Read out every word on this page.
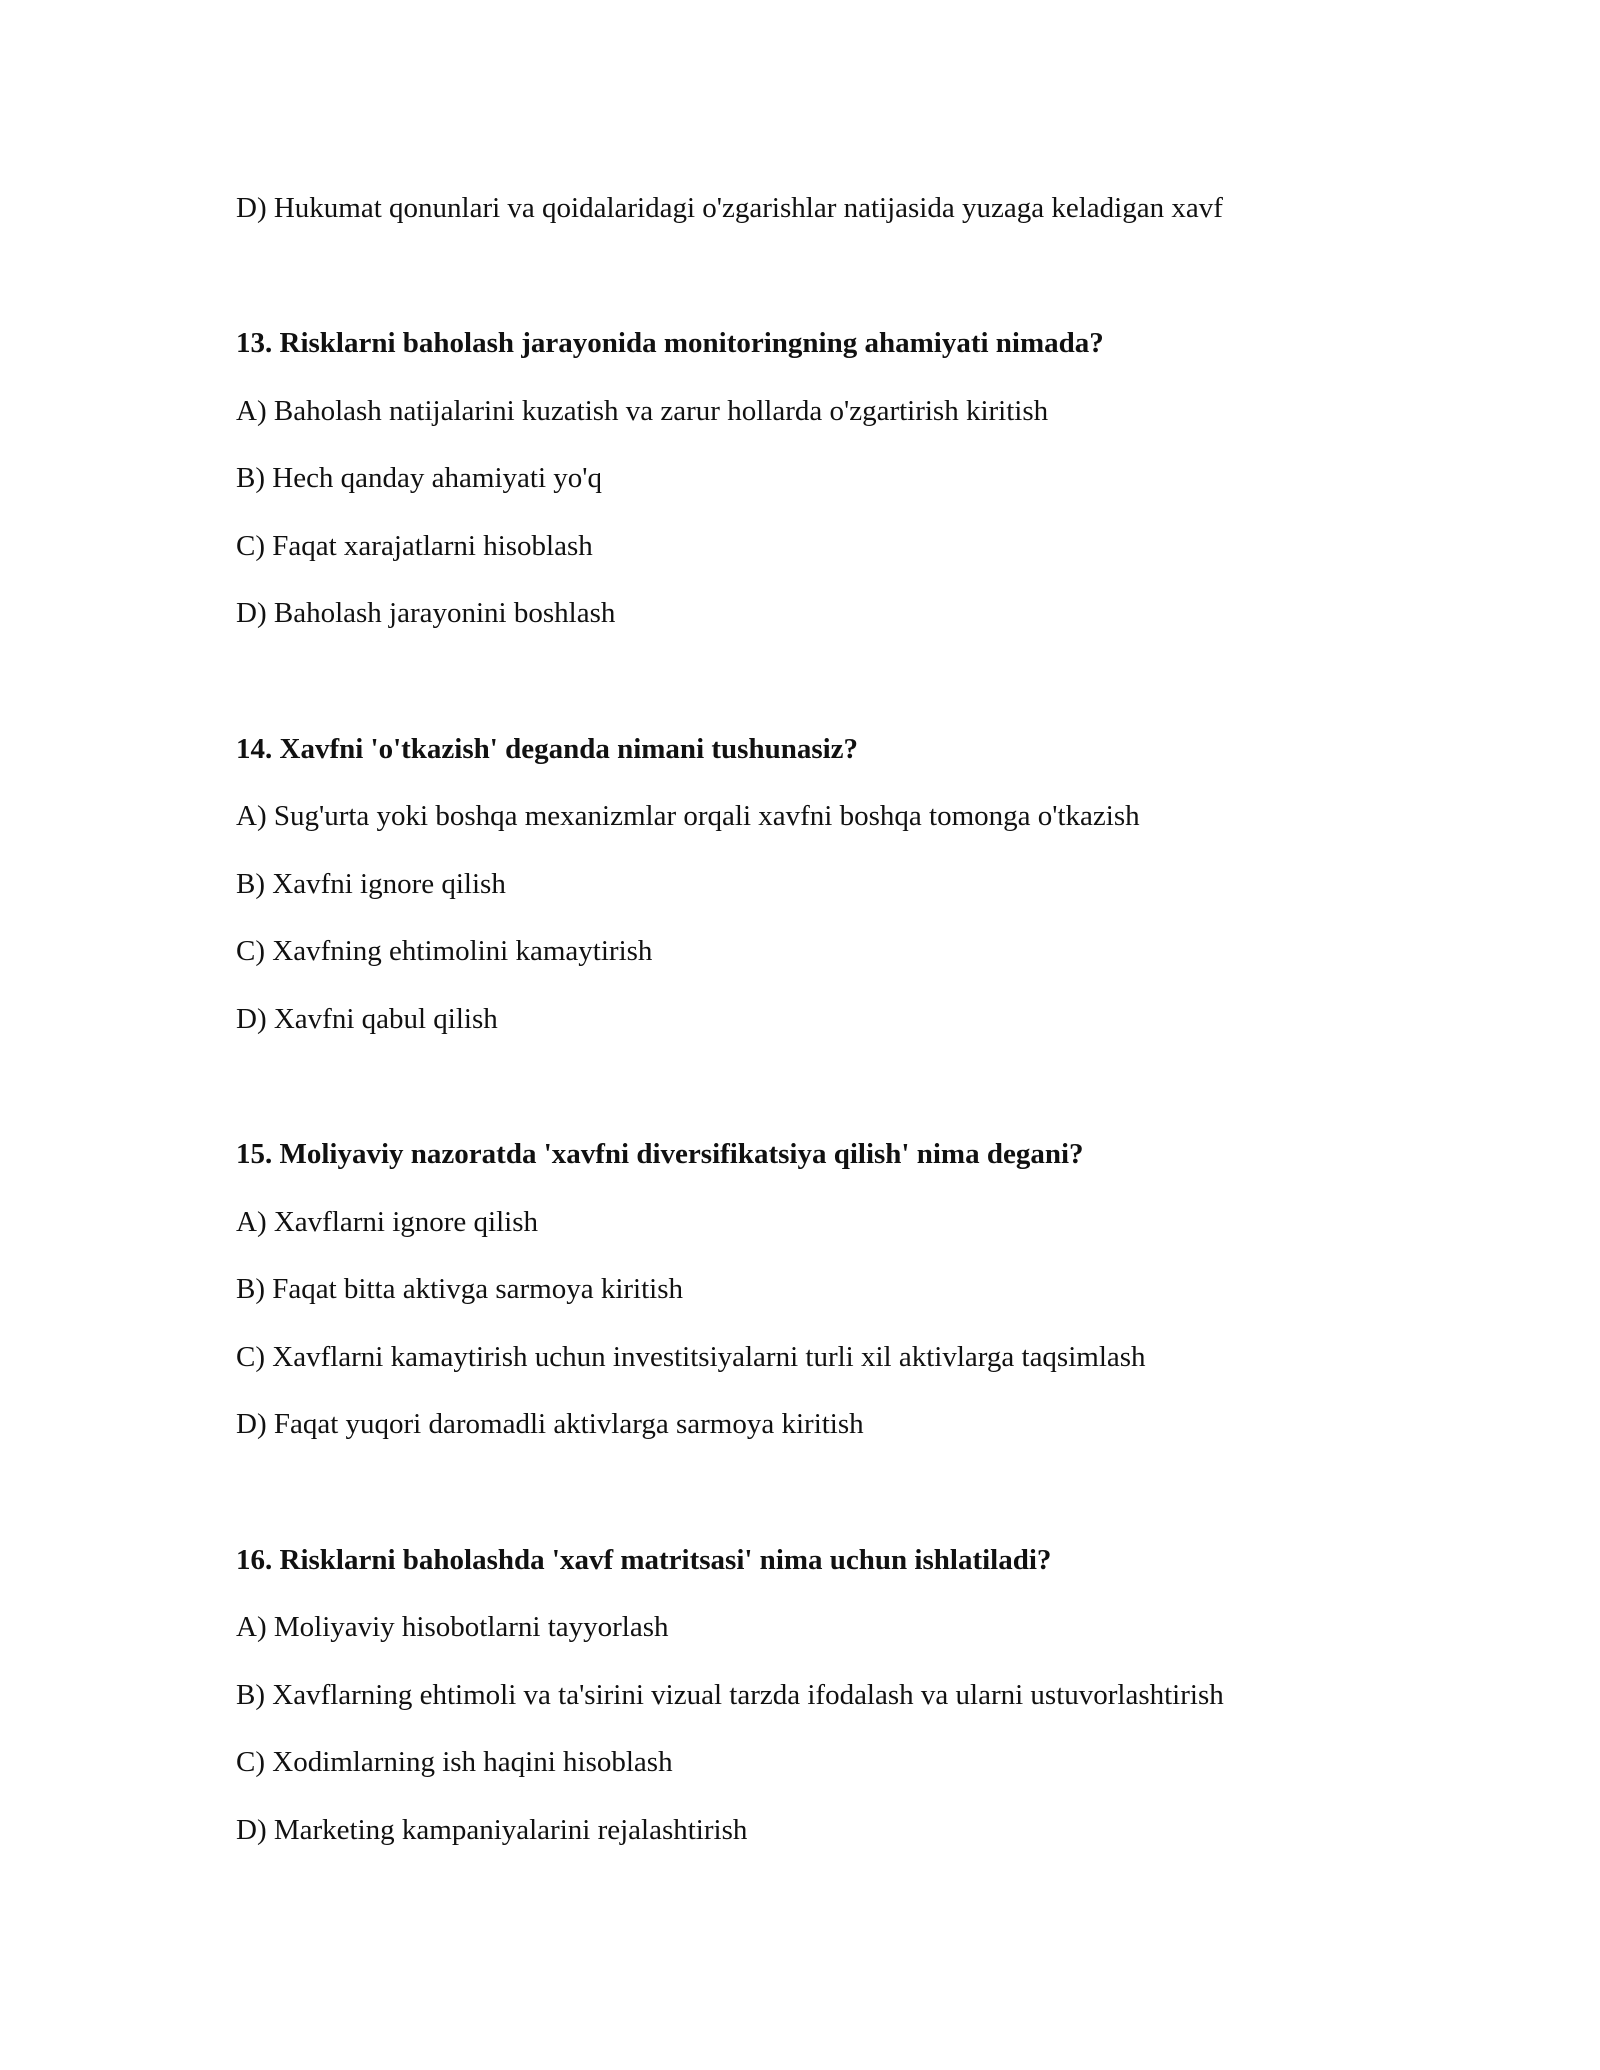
D) Hukumat qonunlari va qoidalaridagi o'zgarishlar natijasida yuzaga keladigan xavf
13. Risklarni baholash jarayonida monitoringning ahamiyati nimada?
A) Baholash natijalarini kuzatish va zarur hollarda o'zgartirish kiritish
B) Hech qanday ahamiyati yo'q
C) Faqat xarajatlarni hisoblash
D) Baholash jarayonini boshlash
14. Xavfni 'o'tkazish' deganda nimani tushunasiz?
A) Sug'urta yoki boshqa mexanizmlar orqali xavfni boshqa tomonga o'tkazish
B) Xavfni ignore qilish
C) Xavfning ehtimolini kamaytirish
D) Xavfni qabul qilish
15. Moliyaviy nazoratda 'xavfni diversifikatsiya qilish' nima degani?
A) Xavflarni ignore qilish
B) Faqat bitta aktivga sarmoya kiritish
C) Xavflarni kamaytirish uchun investitsiyalarni turli xil aktivlarga taqsimlash
D) Faqat yuqori daromadli aktivlarga sarmoya kiritish
16. Risklarni baholashda 'xavf matritsasi' nima uchun ishlatiladi?
A) Moliyaviy hisobotlarni tayyorlash
B) Xavflarning ehtimoli va ta'sirini vizual tarzda ifodalash va ularni ustuvorlashtirish
C) Xodimlarning ish haqini hisoblash
D) Marketing kampaniyalarini rejalashtirish
